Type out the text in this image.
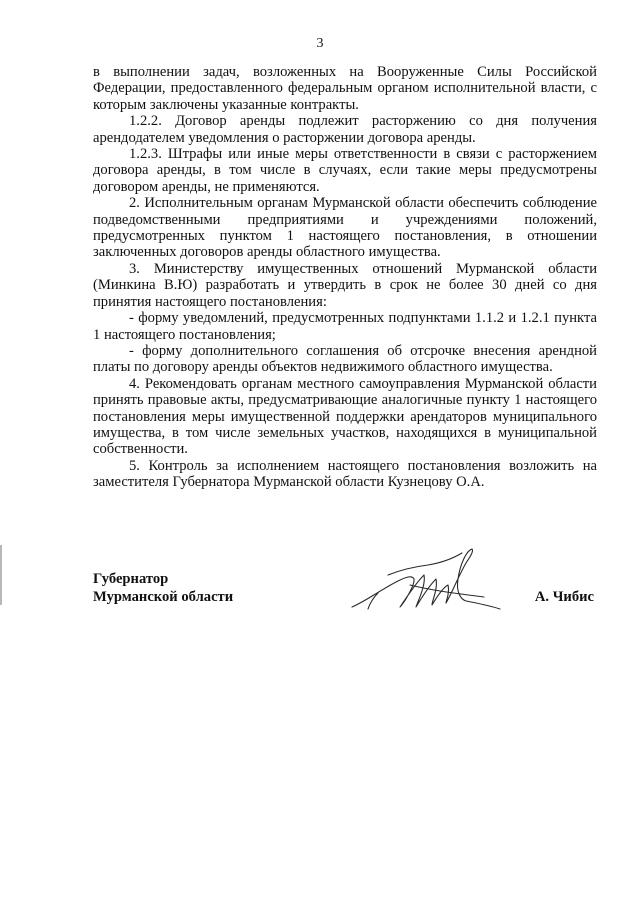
3

в выполнении задач, возложенных на Вооруженные Силы Российской Федерации, предоставленного федеральным органом исполнительной власти, с которым заключены указанные контракты.

1.2.2. Договор аренды подлежит расторжению со дня получения арендодателем уведомления о расторжении договора аренды.

1.2.3. Штрафы или иные меры ответственности в связи с расторжением договора аренды, в том числе в случаях, если такие меры предусмотрены договором аренды, не применяются.

2. Исполнительным органам Мурманской области обеспечить соблюдение подведомственными предприятиями и учреждениями положений, предусмотренных пунктом 1 настоящего постановления, в отношении заключенных договоров аренды областного имущества.

3. Министерству имущественных отношений Мурманской области (Минкина В.Ю) разработать и утвердить в срок не более 30 дней со дня принятия настоящего постановления:

- форму уведомлений, предусмотренных подпунктами 1.1.2 и 1.2.1 пункта 1 настоящего постановления;

- форму дополнительного соглашения об отсрочке внесения арендной платы по договору аренды объектов недвижимого областного имущества.

4. Рекомендовать органам местного самоуправления Мурманской области принять правовые акты, предусматривающие аналогичные пункту 1 настоящего постановления меры имущественной поддержки арендаторов муниципального имущества, в том числе земельных участков, находящихся в муниципальной собственности.

5. Контроль за исполнением настоящего постановления возложить на заместителя Губернатора Мурманской области Кузнецову О.А.

Губернатор
Мурманской области	А. Чибис
